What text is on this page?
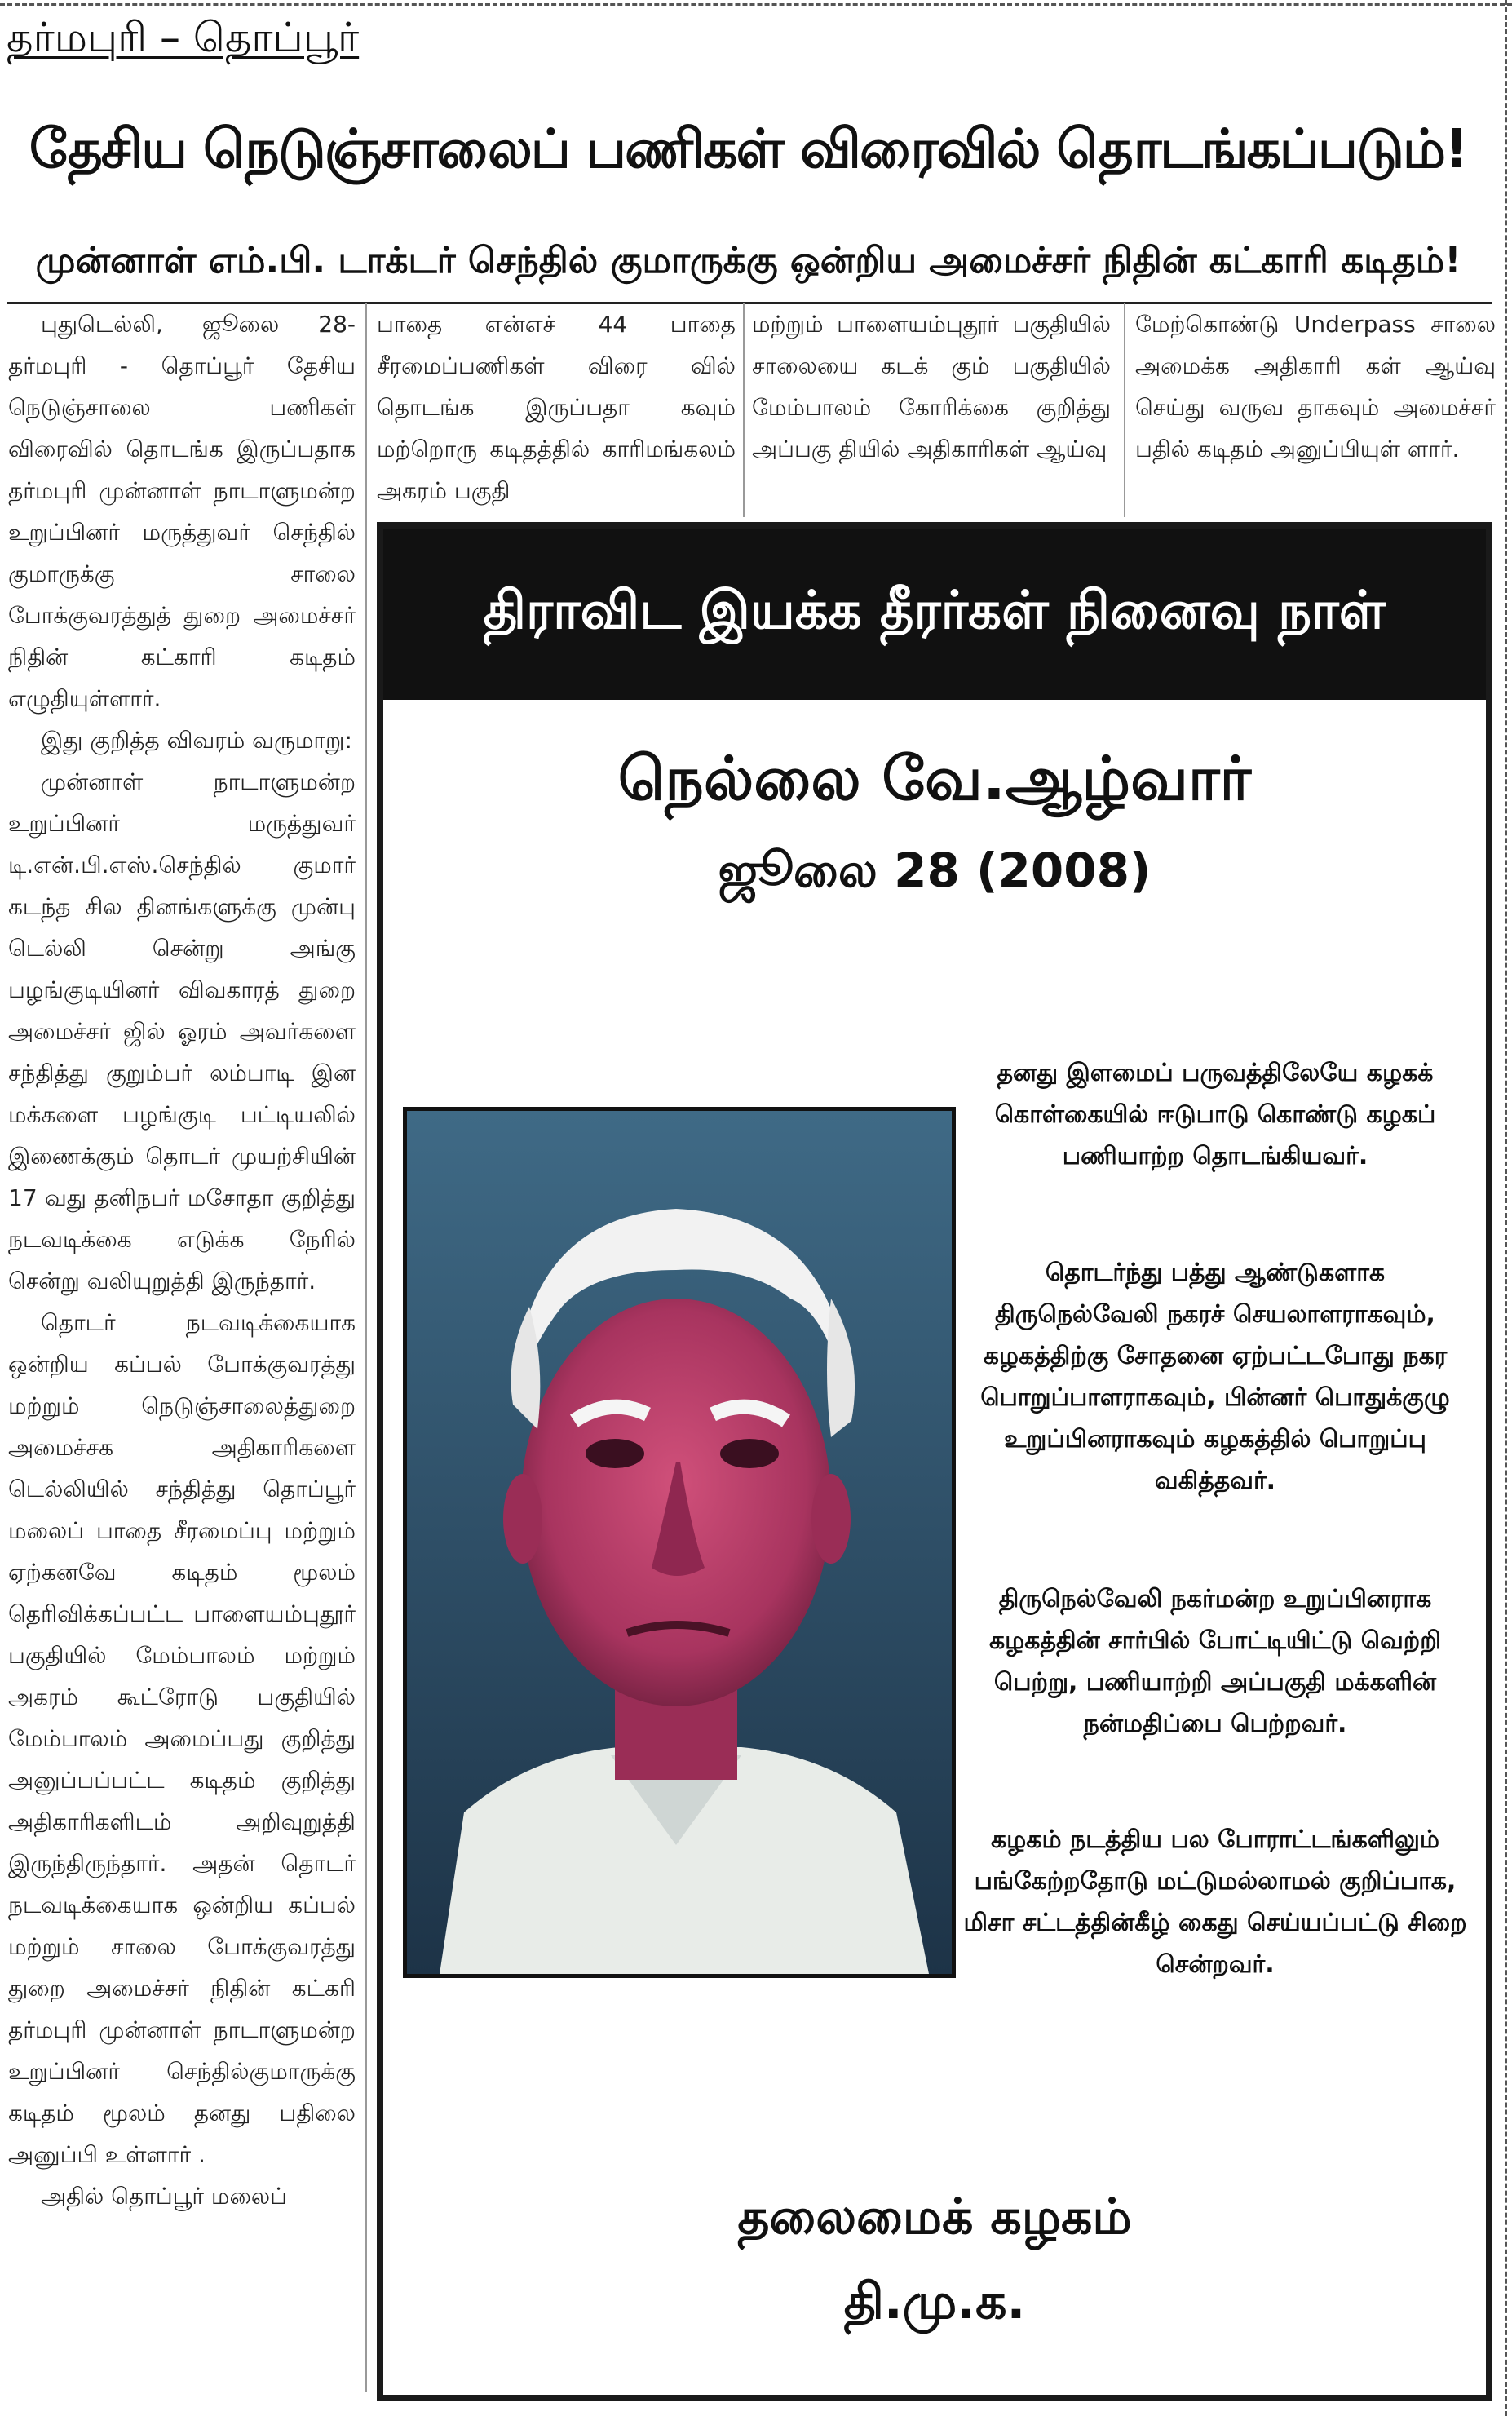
தர்மபுரி – தொப்பூர்
தேசிய நெடுஞ்சாலைப் பணிகள் விரைவில் தொடங்கப்படும்!
முன்னாள் எம்.பி. டாக்டர் செந்தில் குமாருக்கு ஒன்றிய அமைச்சர் நிதின் கட்காரி கடிதம்!

புதுடெல்லி, ஜூலை 28- தர்மபுரி - தொப்பூர் தேசிய நெடுஞ்சாலை பணிகள் விரைவில் தொடங்க இருப்பதாக தர்மபுரி முன்னாள் நாடாளுமன்ற உறுப்பினர் மருத்துவர் செந்தில் குமாருக்கு சாலை போக்குவரத்துத் துறை அமைச்சர் நிதின் கட்காரி கடிதம் எழுதியுள்ளார்.

இது குறித்த விவரம் வருமாறு:

முன்னாள் நாடாளுமன்ற உறுப்பினர் மருத்துவர் டி.என்.பி.எஸ்.செந்தில் குமார் கடந்த சில தினங்களுக்கு முன்பு டெல்லி சென்று அங்கு பழங்குடியினர் விவகாரத் துறை அமைச்சர் ஜில் ஓரம் அவர்களை சந்தித்து குறும்பர் லம்பாடி இன மக்களை பழங்குடி பட்டியலில் இணைக்கும் தொடர் முயற்சியின் 17 வது தனிநபர் மசோதா குறித்து நடவடிக்கை எடுக்க நேரில் சென்று வலியுறுத்தி இருந்தார்.

தொடர் நடவடிக்கையாக ஒன்றிய கப்பல் போக்குவரத்து மற்றும் நெடுஞ்சாலைத்துறை அமைச்சக அதிகாரிகளை டெல்லியில் சந்தித்து தொப்பூர் மலைப் பாதை சீரமைப்பு மற்றும் ஏற்கனவே கடிதம் மூலம் தெரிவிக்கப்பட்ட பாளையம்புதூர் பகுதியில் மேம்பாலம் மற்றும் அகரம் கூட்ரோடு பகுதியில் மேம்பாலம் அமைப்பது குறித்து அனுப்பப்பட்ட கடிதம் குறித்து அதிகாரிகளிடம் அறிவுறுத்தி இருந்திருந்தார். அதன் தொடர் நடவடிக்கையாக ஒன்றிய கப்பல் மற்றும் சாலை போக்குவரத்து துறை அமைச்சர் நிதின் கட்கரி தர்மபுரி முன்னாள் நாடாளுமன்ற உறுப்பினர் செந்தில்குமாருக்கு கடிதம் மூலம் தனது பதிலை அனுப்பி உள்ளார் .

அதில் தொப்பூர் மலைப்

பாதை என்எச் 44 பாதை சீரமைப்பணிகள் விரை வில் தொடங்க இருப்பதா கவும் மற்றொரு கடிதத்தில் காரிமங்கலம் அகரம் பகுதி

மற்றும் பாளையம்புதூர் பகுதியில் சாலையை கடக் கும் பகுதியில் மேம்பாலம் கோரிக்கை குறித்து அப்பகு தியில் அதிகாரிகள் ஆய்வு

மேற்கொண்டு Underpass சாலை அமைக்க அதிகாரி கள் ஆய்வு செய்து வருவ தாகவும் அமைச்சர் பதில் கடிதம் அனுப்பியுள் ளார்.

திராவிட இயக்க தீரர்கள் நினைவு நாள்
நெல்லை வே.ஆழ்வார்
ஜூலை 28 (2008)
தனது இளமைப் பருவத்திலேயே கழகக் கொள்கையில் ஈடுபாடு கொண்டு கழகப் பணியாற்ற தொடங்கியவர்.
தொடர்ந்து பத்து ஆண்டுகளாக திருநெல்வேலி நகரச் செயலாளராகவும், கழகத்திற்கு சோதனை ஏற்பட்டபோது நகர பொறுப்பாளராகவும், பின்னர் பொதுக்குழு உறுப்பினராகவும் கழகத்தில் பொறுப்பு வகித்தவர்.
திருநெல்வேலி நகர்மன்ற உறுப்பினராக கழகத்தின் சார்பில் போட்டியிட்டு வெற்றி பெற்று, பணியாற்றி அப்பகுதி மக்களின் நன்மதிப்பை பெற்றவர்.
கழகம் நடத்திய பல போராட்டங்களிலும் பங்கேற்றதோடு மட்டுமல்லாமல் குறிப்பாக, மிசா சட்டத்தின்கீழ் கைது செய்யப்பட்டு சிறை சென்றவர்.
தலைமைக் கழகம்
தி.மு.க.
